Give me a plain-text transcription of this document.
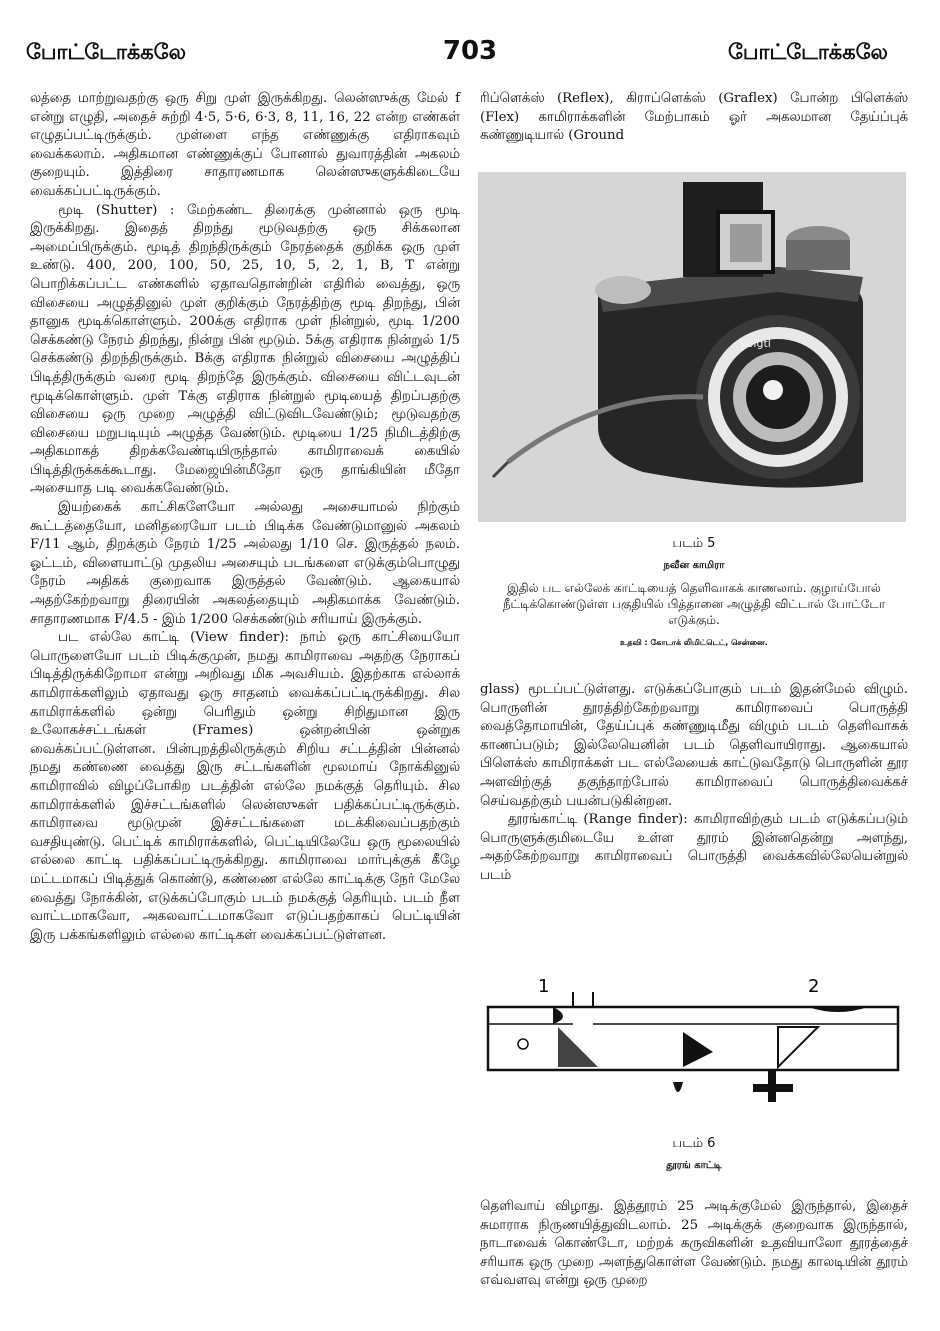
போட்டோக்கலே	703	போட்டோக்கலே

லத்தை மாற்றுவதற்கு ஒரு சிறு முள் இருக்கிறது. லென்ஸுக்கு மேல் f என்று எழுதி, அதைச் சுற்றி 4·5, 5·6, 6·3, 8, 11, 16, 22 என்ற எண்கள் எழுதப்பட்டிருக்கும். முள்ளை எந்த எண்ணுக்கு எதிராகவும் வைக்கலாம். அதிகமான எண்ணுக்குப் போனால் துவாரத்தின் அகலம் குறையும். இத்திரை சாதாரணமாக லென்ஸுகளுக்கிடையே வைக்கப்பட்டிருக்கும்.

மூடி (Shutter) : மேற்கண்ட திரைக்கு முன்னால் ஒரு மூடி இருக்கிறது. இதைத் திறந்து மூடுவதற்கு ஒரு சிக்கலான அமைப்பிருக்கும். மூடித் திறந்திருக்கும் நேரத்தைக் குறிக்க ஒரு முள் உண்டு. 400, 200, 100, 50, 25, 10, 5, 2, 1, B, T என்று பொறிக்கப்பட்ட எண்களில் ஏதாவதொன்றின் எதிரில் வைத்து, ஒரு விசையை அழுத்தினுல் முள் குறிக்கும் நேரத்திற்கு மூடி திறந்து, பின் தானுக மூடிக்கொள்ளும். 200க்கு எதிராக முள் நின்றுல், மூடி 1/200 செக்கண்டு நேரம் திறந்து, நின்று பின் மூடும். 5க்கு எதிராக நின்றுல் 1/5 செக்கண்டு திறந்திருக்கும். Bக்கு எதிராக நின்றுல் விசையை அழுத்திப் பிடித்திருக்கும் வரை மூடி திறந்தே இருக்கும். விசையை விட்டவுடன் மூடிக்கொள்ளும். முள் Tக்கு எதிராக நின்றுல் மூடியைத் திறப்பதற்கு விசையை ஒரு முறை அழுத்தி விட்டுவிடவேண்டும்; மூடுவதற்கு விசையை மறுபடியும் அழுத்த வேண்டும். மூடியை 1/25 நிமிடத்திற்கு அதிகமாகத் திறக்கவேண்டியிருந்தால் காமிராவைக் கையில் பிடித்திருக்கக்கூடாது. மேஜையின்மீதோ ஒரு தாங்கியின் மீதோ அசையாத படி வைக்கவேண்டும்.

இயற்கைக் காட்சிகளேயோ அல்லது அசையாமல் நிற்கும் கூட்டத்தையோ, மனிதரையோ படம் பிடிக்க வேண்டுமானுல் அகலம் F/11 ஆம், திறக்கும் நேரம் 1/25 அல்லது 1/10 செ. இருத்தல் நலம். ஓட்டம், விளையாட்டு முதலிய அசையும் படங்களை எடுக்கும்பொழுது நேரம் அதிகக் குறைவாக இருத்தல் வேண்டும். ஆகையால் அதற்கேற்றவாறு திரையின் அகலத்தையும் அதிகமாக்க வேண்டும். சாதாரணமாக F/4.5 - இம் 1/200 செக்கண்டும் சரியாய் இருக்கும்.

பட எல்லே காட்டி (View finder): நாம் ஒரு காட்சியையோ பொருளையோ படம் பிடிக்குமுன், நமது காமிராவை அதற்கு நேராகப் பிடித்திருக்கிறோமா என்று அறிவது மிக அவசியம். இதற்காக எல்லாக் காமிராக்களிலும் ஏதாவது ஒரு சாதனம் வைக்கப்பட்டிருக்கிறது. சில காமிராக்களில் ஒன்று பெரிதும் ஒன்று சிறிதுமான இரு உலோகச்சட்டங்கள் (Frames) ஒன்றன்பின் ஒன்றுக வைக்கப்பட்டுள்ளன. பின்புறத்திலிருக்கும் சிறிய சட்டத்தின் பின்னல் நமது கண்ணை வைத்து இரு சட்டங்களின் மூலமாய் நோக்கினுல் காமிராவில் விழப்போகிற படத்தின் எல்லே நமக்குத் தெரியும். சில காமிராக்களில் இச்சட்டங்களில் லென்ஸுகள் பதிக்கப்பட்டிருக்கும். காமிராவை மூடுமுன் இச்சட்டங்களை மடக்கிவைப்பதற்கும் வசதியுண்டு. பெட்டிக் காமிராக்களில், பெட்டியிலேயே ஒரு மூலையில் எல்லை காட்டி பதிக்கப்பட்டிருக்கிறது. காமிராவை மார்புக்குக் கீழே மட்டமாகப் பிடித்துக் கொண்டு, கண்ணை எல்லே காட்டிக்கு நேர் மேலே வைத்து நோக்கின், எடுக்கப்போகும் படம் நமக்குத் தெரியும். படம் நீள வாட்டமாகவோ, அகலவாட்டமாகவோ எடுப்பதற்காகப் பெட்டியின் இரு பக்கங்களிலும் எல்லை காட்டிகள் வைக்கப்பட்டுள்ளன.

ரிப்ளெக்ஸ் (Reflex), கிராப்ளெக்ஸ் (Graflex) போன்ற பிளெக்ஸ் (Flex) காமிராக்களின் மேற்பாகம் ஓர் அகலமான தேய்ப்புக் கண்ணுடியால் (Ground

Voigtl
படம் 5
நவீன காமிரா
இதில் பட எல்லேக் காட்டியைத் தெளிவாகக் காணலாம். குழாய்போல் நீட்டிக்கொண்டுள்ள பகுதியில் பித்தானை அழுத்தி விட்டால் போட்டோ எடுக்கும்.
உதவி : கோடாக் லிமிட்டெட், சென்னை.

glass) மூடப்பட்டுள்ளது. எடுக்கப்போகும் படம் இதன்மேல் விழும். பொருளின் தூரத்திற்கேற்றவாறு காமிராவைப் பொருத்தி வைத்தோமாயின், தேய்ப்புக் கண்ணுடிமீது விழும் படம் தெளிவாகக் காணப்படும்; இல்லேயெனின் படம் தெளிவாயிராது. ஆகையால் பிளெக்ஸ் காமிராக்கள் பட எல்லேயைக் காட்டுவதோடு பொருளின் தூர அளவிற்குத் தகுந்தாற்போல் காமிராவைப் பொருத்திவைக்கச் செய்வதற்கும் பயன்படுகின்றன.

தூரங்காட்டி (Range finder): காமிராவிற்கும் படம் எடுக்கப்படும் பொருளுக்குமிடையே உள்ள தூரம் இன்னதென்று அளந்து, அதற்கேற்றவாறு காமிராவைப் பொருத்தி வைக்கவில்லேயென்றுல் படம்

1	2
படம் 6
தூரங் காட்டி

தெளிவாய் விழாது. இத்தூரம் 25 அடிக்குமேல் இருந்தால், இதைச் சுமாராக நிருணயித்துவிடலாம். 25 அடிக்குக் குறைவாக இருந்தால், நாடாவைக் கொண்டோ, மற்றக் கருவிகளின் உதவியாலோ தூரத்தைச் சரியாக ஒரு முறை அளந்துகொள்ள வேண்டும். நமது காலடியின் தூரம் எவ்வளவு என்று ஒரு முறை
